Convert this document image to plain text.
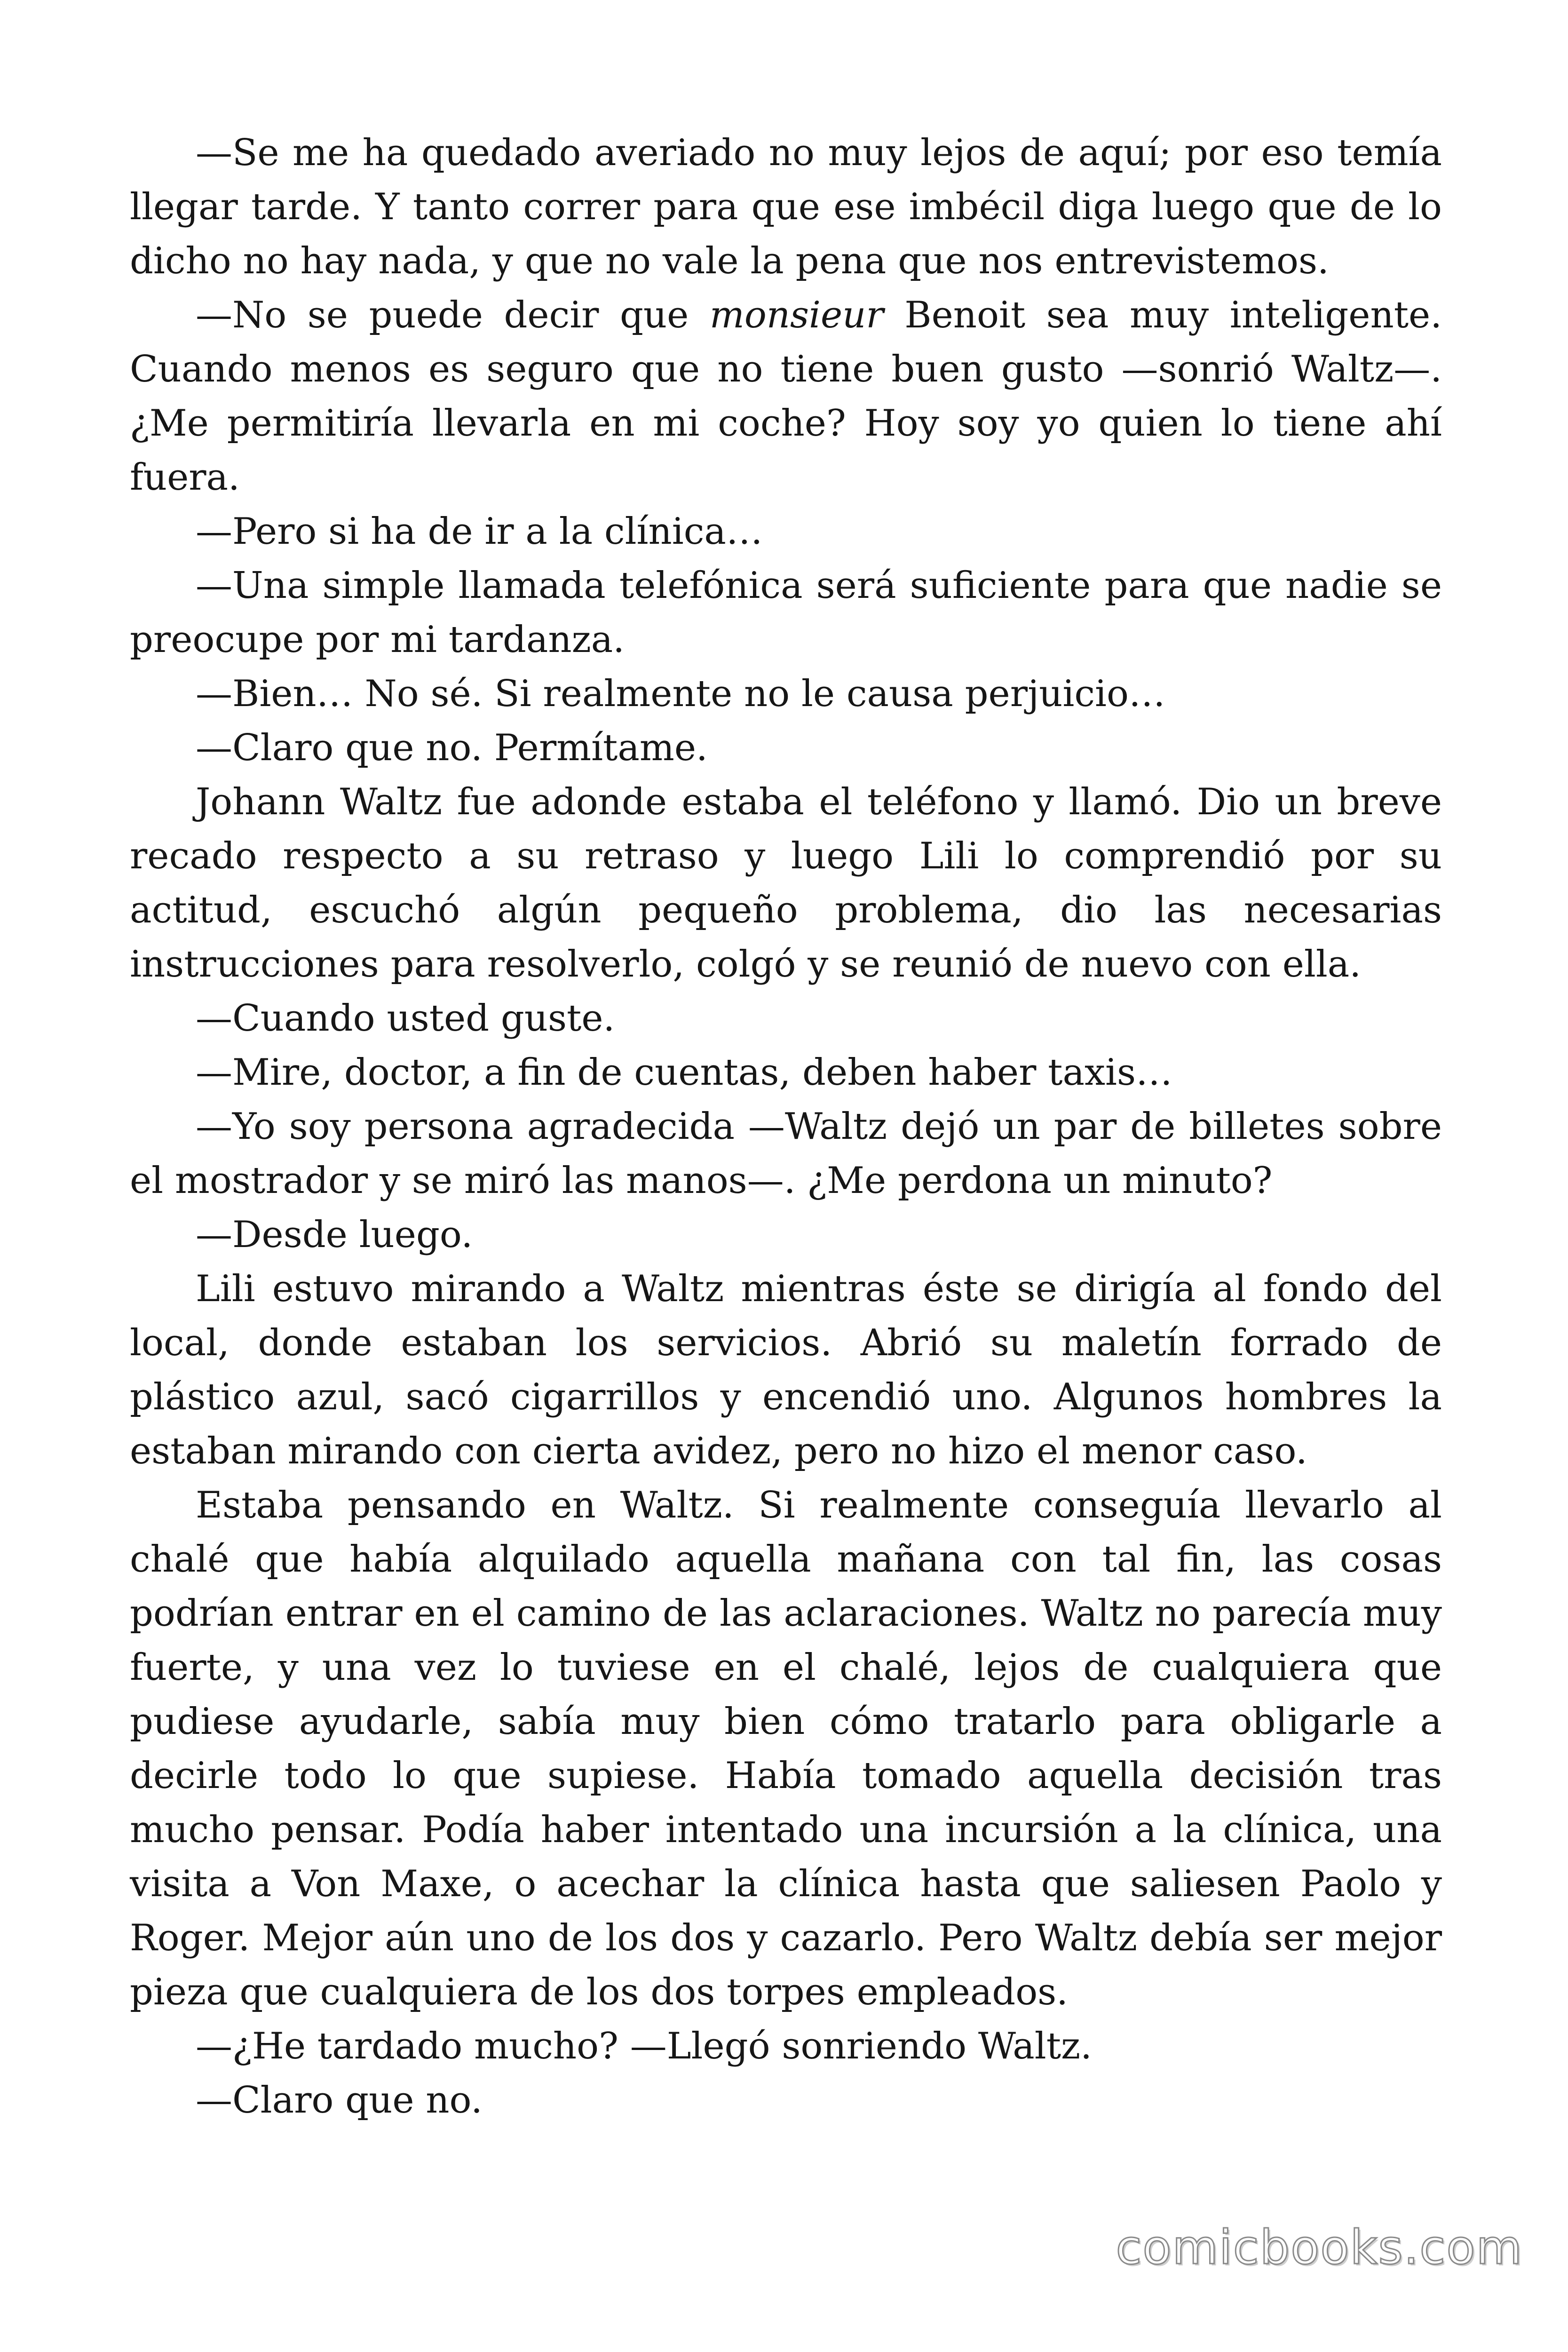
—Se me ha quedado averiado no muy lejos de aquí; por eso temía llegar tarde. Y tanto correr para que ese imbécil diga luego que de lo dicho no hay nada, y que no vale la pena que nos entrevistemos.

—No se puede decir que monsieur Benoit sea muy inteligente. Cuando menos es seguro que no tiene buen gusto —sonrió Waltz—. ¿Me permitiría llevarla en mi coche? Hoy soy yo quien lo tiene ahí fuera.

—Pero si ha de ir a la clínica…

—Una simple llamada telefónica será suficiente para que nadie se preocupe por mi tardanza.

—Bien… No sé. Si realmente no le causa perjuicio…

—Claro que no. Permítame.

Johann Waltz fue adonde estaba el teléfono y llamó. Dio un breve recado respecto a su retraso y luego Lili lo comprendió por su actitud, escuchó algún pequeño problema, dio las necesarias instrucciones para resolverlo, colgó y se reunió de nuevo con ella.

—Cuando usted guste.

—Mire, doctor, a fin de cuentas, deben haber taxis…

—Yo soy persona agradecida —Waltz dejó un par de billetes sobre el mostrador y se miró las manos—. ¿Me perdona un minuto?

—Desde luego.

Lili estuvo mirando a Waltz mientras éste se dirigía al fondo del local, donde estaban los servicios. Abrió su maletín forrado de plástico azul, sacó cigarrillos y encendió uno. Algunos hombres la estaban mirando con cierta avidez, pero no hizo el menor caso.

Estaba pensando en Waltz. Si realmente conseguía llevarlo al chalé que había alquilado aquella mañana con tal fin, las cosas podrían entrar en el camino de las aclaraciones. Waltz no parecía muy fuerte, y una vez lo tuviese en el chalé, lejos de cualquiera que pudiese ayudarle, sabía muy bien cómo tratarlo para obligarle a decirle todo lo que supiese. Había tomado aquella decisión tras mucho pensar. Podía haber intentado una incursión a la clínica, una visita a Von Maxe, o acechar la clínica hasta que saliesen Paolo y Roger. Mejor aún uno de los dos y cazarlo. Pero Waltz debía ser mejor pieza que cualquiera de los dos torpes empleados.

—¿He tardado mucho? —Llegó sonriendo Waltz.

—Claro que no.

comicbooks.com
